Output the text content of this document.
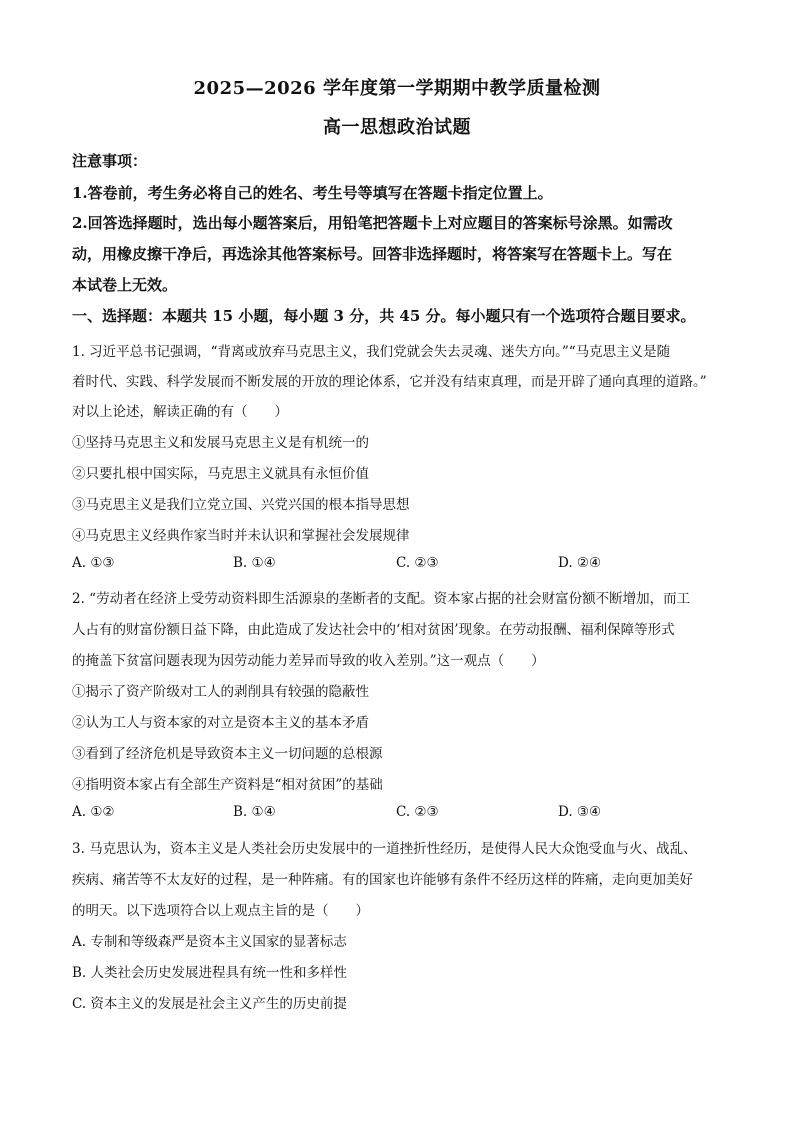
2025—2026 学年度第一学期期中教学质量检测
高一思想政治试题
注意事项：
1.答卷前，考生务必将自己的姓名、考生号等填写在答题卡指定位置上。
2.回答选择题时，选出每小题答案后，用铅笔把答题卡上对应题目的答案标号涂黑。如需改
动，用橡皮擦干净后，再选涂其他答案标号。回答非选择题时，将答案写在答题卡上。写在
本试卷上无效。
一、选择题：本题共 15 小题，每小题 3 分，共 45 分。每小题只有一个选项符合题目要求。
1. 习近平总书记强调，“背离或放弃马克思主义，我们党就会失去灵魂、迷失方向。”“马克思主义是随
着时代、实践、科学发展而不断发展的开放的理论体系，它并没有结束真理，而是开辟了通向真理的道路。”
对以上论述，解读正确的有（　　）
①坚持马克思主义和发展马克思主义是有机统一的
②只要扎根中国实际，马克思主义就具有永恒价值
③马克思主义是我们立党立国、兴党兴国的根本指导思想
④马克思主义经典作家当时并未认识和掌握社会发展规律
A. ①③	B. ①④	C. ②③	D. ②④
2. “劳动者在经济上受劳动资料即生活源泉的垄断者的支配。资本家占据的社会财富份额不断增加，而工
人占有的财富份额日益下降，由此造成了发达社会中的‘相对贫困’现象。在劳动报酬、福利保障等形式
的掩盖下贫富问题表现为因劳动能力差异而导致的收入差别。”这一观点（　　）
①揭示了资产阶级对工人的剥削具有较强的隐蔽性
②认为工人与资本家的对立是资本主义的基本矛盾
③看到了经济危机是导致资本主义一切问题的总根源
④指明资本家占有全部生产资料是“相对贫困”的基础
A. ①②	B. ①④	C. ②③	D. ③④
3. 马克思认为，资本主义是人类社会历史发展中的一道挫折性经历，是使得人民大众饱受血与火、战乱、
疾病、痛苦等不太友好的过程，是一种阵痛。有的国家也许能够有条件不经历这样的阵痛，走向更加美好
的明天。以下选项符合以上观点主旨的是（　　）
A. 专制和等级森严是资本主义国家的显著标志
B. 人类社会历史发展进程具有统一性和多样性
C. 资本主义的发展是社会主义产生的历史前提
